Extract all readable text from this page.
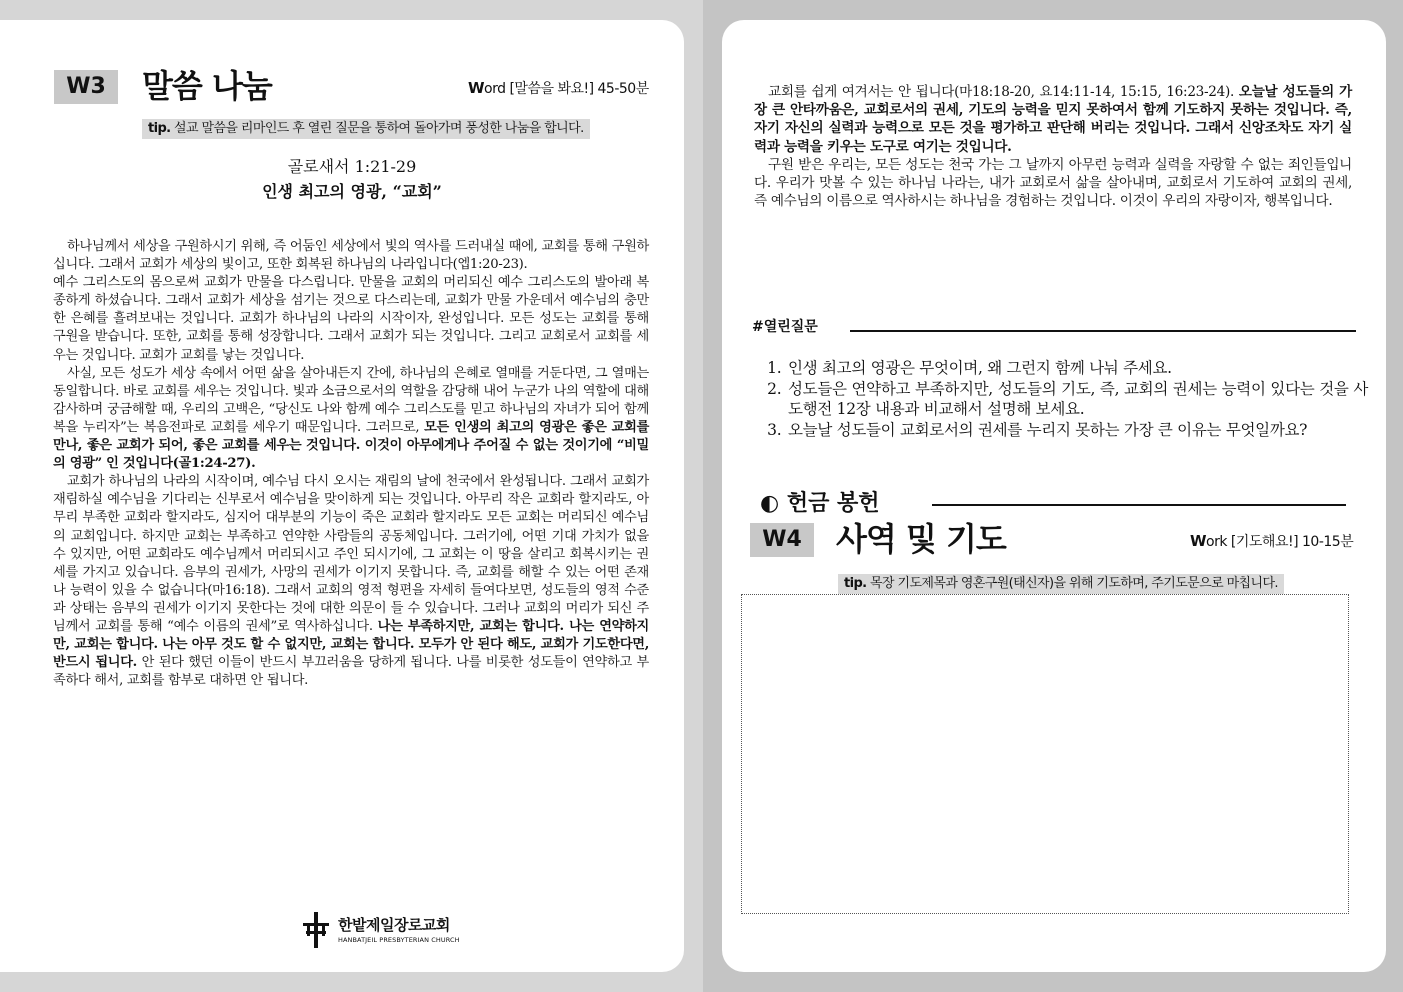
W3	말씀 나눔	Word [말씀을 봐요!] 45-50분
tip. 설교 말씀을 리마인드 후 열린 질문을 통하여 돌아가며 풍성한 나눔을 합니다.
골로새서 1:21-29
인생 최고의 영광, “교회”

하나님께서 세상을 구원하시기 위해, 즉 어둠인 세상에서 빛의 역사를 드러내실 때에, 교회를 통해 구원하십니다. 그래서 교회가 세상의 빛이고, 또한 회복된 하나님의 나라입니다(엡1:20-23).

예수 그리스도의 몸으로써 교회가 만물을 다스립니다. 만물을 교회의 머리되신 예수 그리스도의 발아래 복종하게 하셨습니다. 그래서 교회가 세상을 섬기는 것으로 다스리는데, 교회가 만물 가운데서 예수님의 충만한 은혜를 흘려보내는 것입니다. 교회가 하나님의 나라의 시작이자, 완성입니다. 모든 성도는 교회를 통해 구원을 받습니다. 또한, 교회를 통해 성장합니다. 그래서 교회가 되는 것입니다. 그리고 교회로서 교회를 세우는 것입니다. 교회가 교회를 낳는 것입니다.

사실, 모든 성도가 세상 속에서 어떤 삶을 살아내든지 간에, 하나님의 은혜로 열매를 거둔다면, 그 열매는 동일합니다. 바로 교회를 세우는 것입니다. 빛과 소금으로서의 역할을 감당해 내어 누군가 나의 역할에 대해 감사하며 궁금해할 때, 우리의 고백은, “당신도 나와 함께 예수 그리스도를 믿고 하나님의 자녀가 되어 함께 복을 누리자”는 복음전파로 교회를 세우기 때문입니다. 그러므로, 모든 인생의 최고의 영광은 좋은 교회를 만나, 좋은 교회가 되어, 좋은 교회를 세우는 것입니다. 이것이 아무에게나 주어질 수 없는 것이기에 “비밀의 영광” 인 것입니다(골1:24-27).

교회가 하나님의 나라의 시작이며, 예수님 다시 오시는 재림의 날에 천국에서 완성됩니다. 그래서 교회가 재림하실 예수님을 기다리는 신부로서 예수님을 맞이하게 되는 것입니다. 아무리 작은 교회라 할지라도, 아무리 부족한 교회라 할지라도, 심지어 대부분의 기능이 죽은 교회라 할지라도 모든 교회는 머리되신 예수님의 교회입니다. 하지만 교회는 부족하고 연약한 사람들의 공동체입니다. 그러기에, 어떤 기대 가치가 없을 수 있지만, 어떤 교회라도 예수님께서 머리되시고 주인 되시기에, 그 교회는 이 땅을 살리고 회복시키는 권세를 가지고 있습니다. 음부의 권세가, 사망의 권세가 이기지 못합니다. 즉, 교회를 해할 수 있는 어떤 존재나 능력이 있을 수 없습니다(마16:18). 그래서 교회의 영적 형편을 자세히 들여다보면, 성도들의 영적 수준과 상태는 음부의 권세가 이기지 못한다는 것에 대한 의문이 들 수 있습니다. 그러나 교회의 머리가 되신 주님께서 교회를 통해 “예수 이름의 권세”로 역사하십니다. 나는 부족하지만, 교회는 합니다. 나는 연약하지만, 교회는 합니다. 나는 아무 것도 할 수 없지만, 교회는 합니다. 모두가 안 된다 해도, 교회가 기도한다면, 반드시 됩니다. 안 된다 했던 이들이 반드시 부끄러움을 당하게 됩니다. 나를 비롯한 성도들이 연약하고 부족하다 해서, 교회를 함부로 대하면 안 됩니다.

한밭제일장로교회
HANBATJEIL PRESBYTERIAN CHURCH

교회를 쉽게 여겨서는 안 됩니다(마18:18-20, 요14:11-14, 15:15, 16:23-24). 오늘날 성도들의 가장 큰 안타까움은, 교회로서의 권세, 기도의 능력을 믿지 못하여서 함께 기도하지 못하는 것입니다. 즉, 자기 자신의 실력과 능력으로 모든 것을 평가하고 판단해 버리는 것입니다. 그래서 신앙조차도 자기 실력과 능력을 키우는 도구로 여기는 것입니다.

구원 받은 우리는, 모든 성도는 천국 가는 그 날까지 아무런 능력과 실력을 자랑할 수 없는 죄인들입니다. 우리가 맛볼 수 있는 하나님 나라는, 내가 교회로서 삶을 살아내며, 교회로서 기도하여 교회의 권세, 즉 예수님의 이름으로 역사하시는 하나님을 경험하는 것입니다. 이것이 우리의 자랑이자, 행복입니다.

#열린질문
1. 인생 최고의 영광은 무엇이며, 왜 그런지 함께 나눠 주세요.
2. 성도들은 연약하고 부족하지만, 성도들의 기도, 즉, 교회의 권세는 능력이 있다는 것을 사도행전 12장 내용과 비교해서 설명해 보세요.
3. 오늘날 성도들이 교회로서의 권세를 누리지 못하는 가장 큰 이유는 무엇일까요?
◐ 헌금 봉헌
W4	사역 및 기도	Work [기도해요!] 10-15분
tip. 목장 기도제목과 영혼구원(태신자)을 위해 기도하며, 주기도문으로 마칩니다.
